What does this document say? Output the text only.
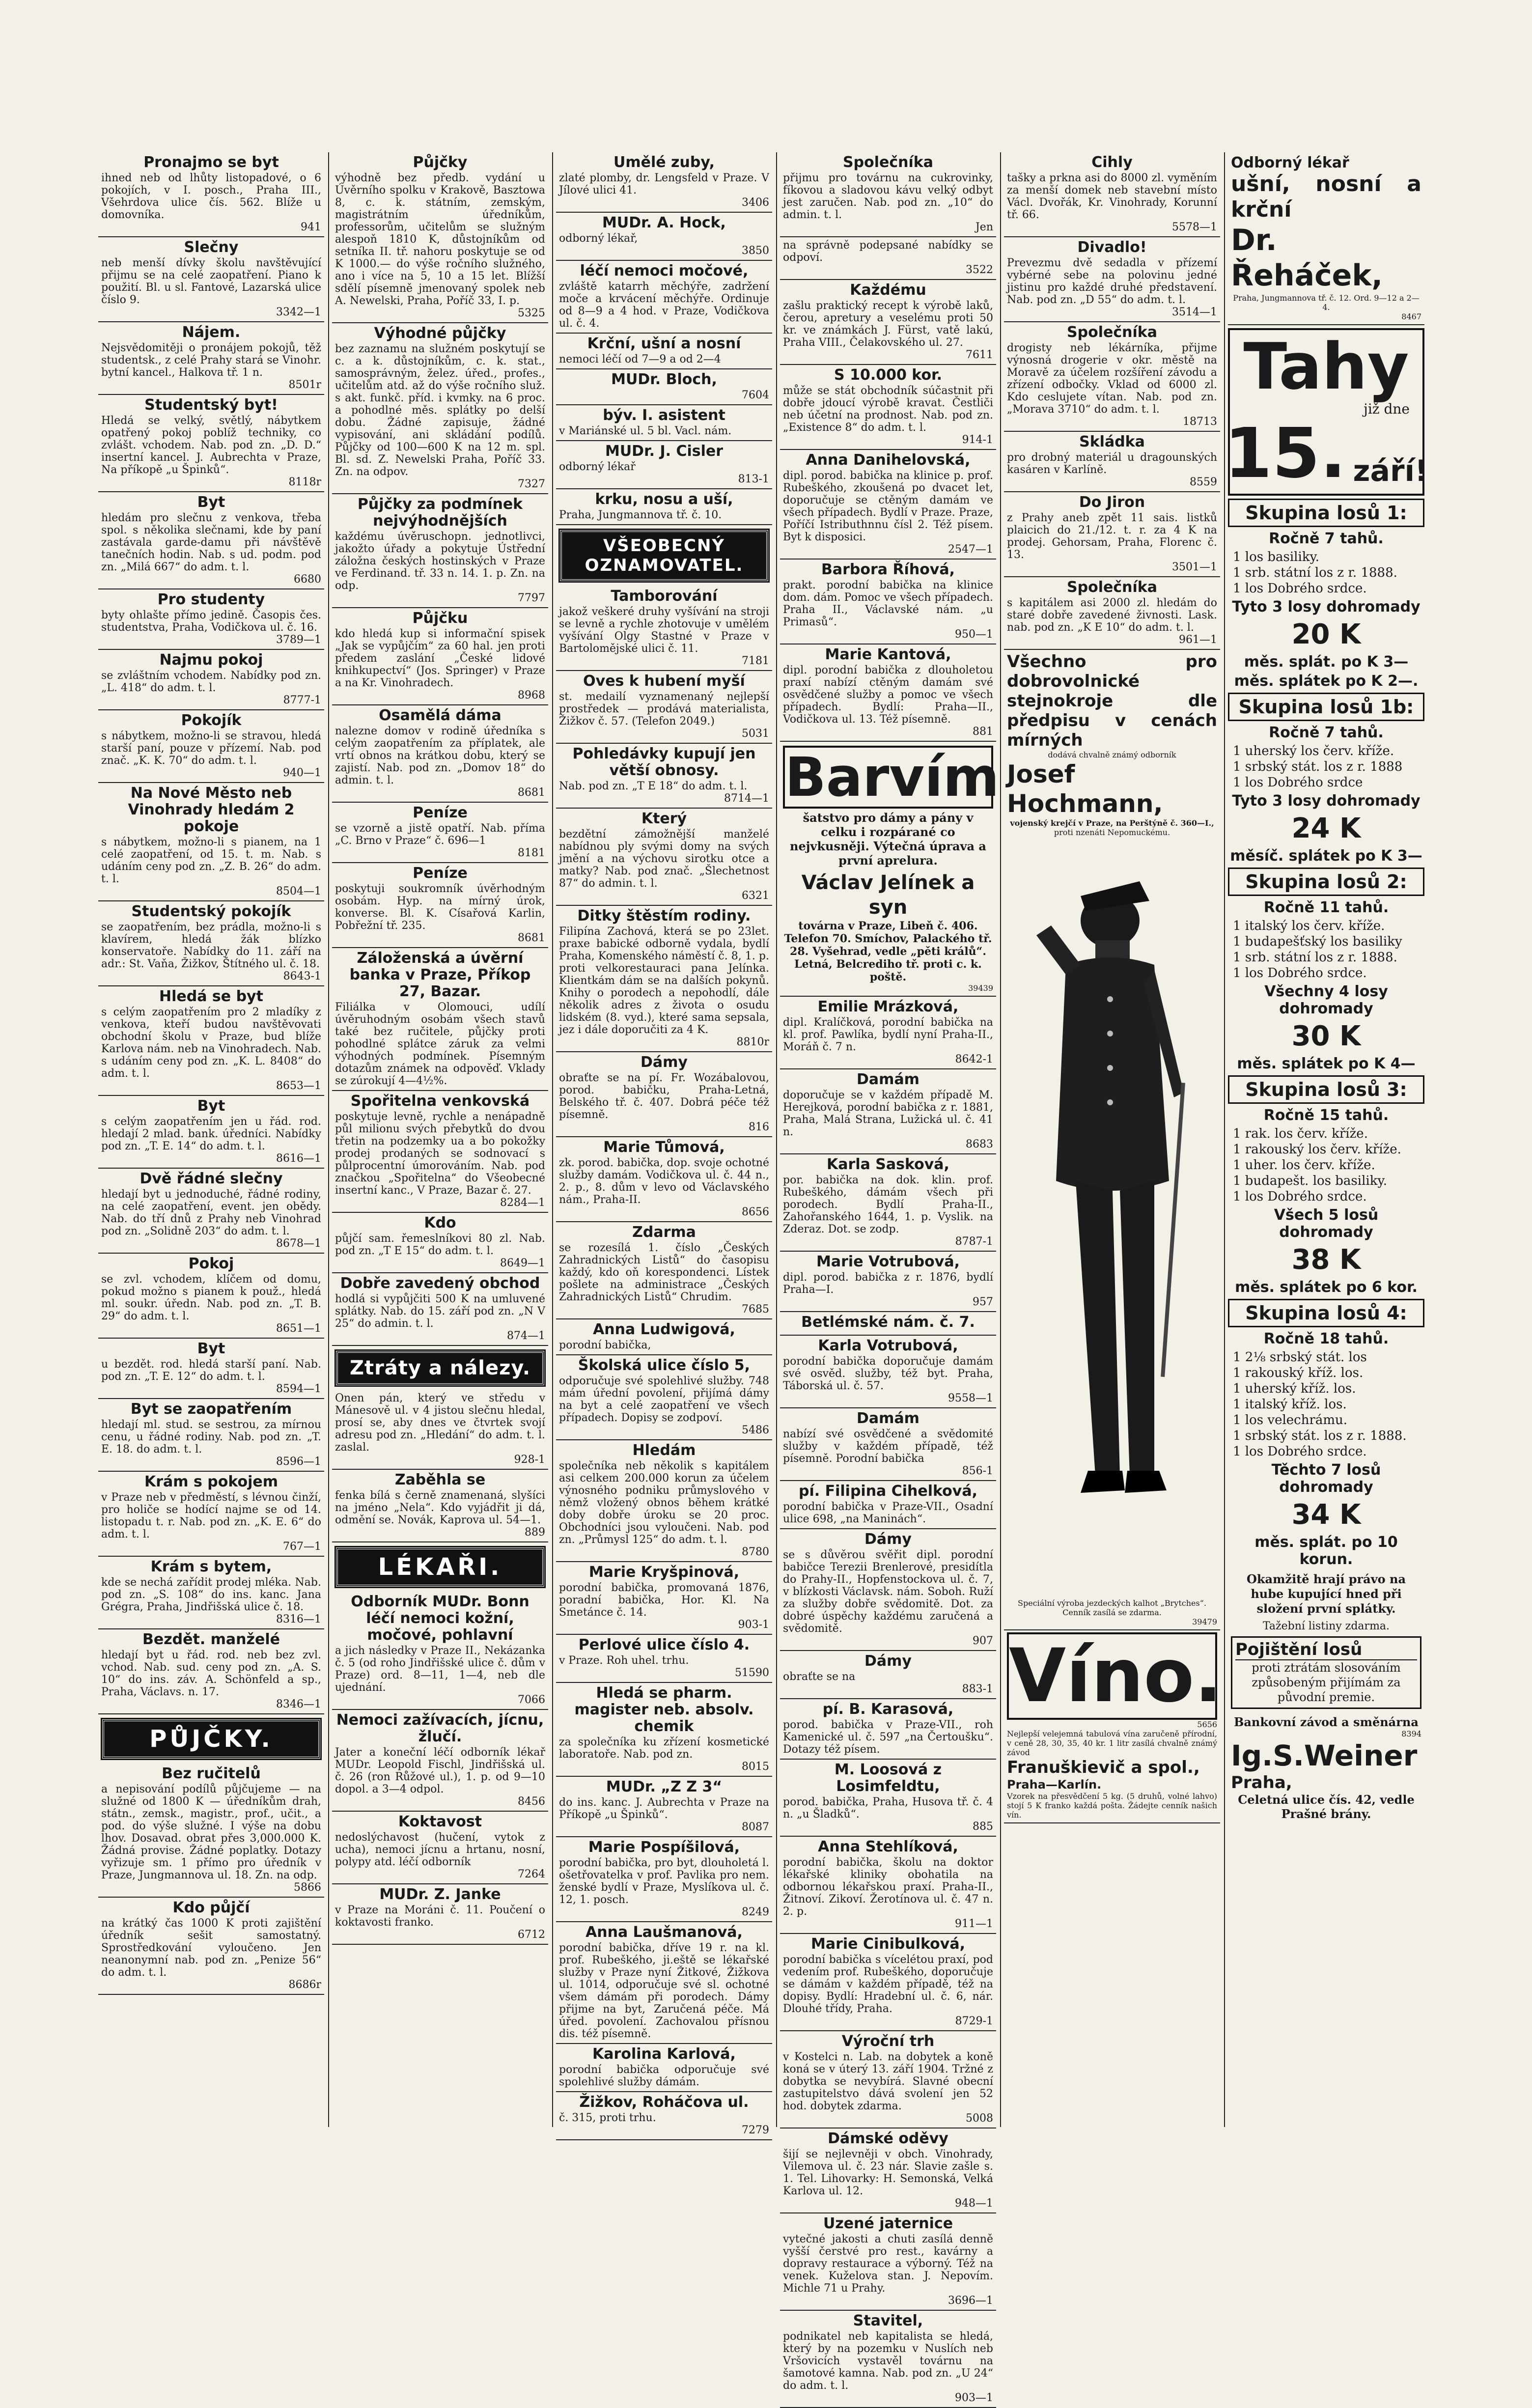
Pronajmo se byt

ihned neb od lhůty listopadové, o 6 pokojích, v I. posch., Praha III., Všehrdova ulice čís. 562. Blíže u domovníka.

941

Slečny

neb menší dívky školu navštěvující přijmu se na celé zaopatření. Piano k použití. Bl. u sl. Fantové, Lazarská ulice číslo 9.

3342—1

Nájem.

Nejsvědomitěji o pronájem pokojů, těž studentsk., z celé Prahy stará se Vinohr. bytní kancel., Halkova tř. 1 n.

8501r

Studentský byt!

Hledá se velký, světlý, nábytkem opatřený pokoj poblíž techniky, co zvlášt. vchodem. Nab. pod zn. „D. D.“ insertní kancel. J. Aubrechta v Praze, Na příkopě „u Špinků“.

8118r

Byt

hledám pro slečnu z venkova, třeba spol. s několika slečnami, kde by paní zastávala garde-damu při návštěvě tanečních hodin. Nab. s ud. podm. pod zn. „Milá 667“ do adm. t. l.

6680

Pro studenty

byty ohlašte přímo jedině. Časopis čes. studentstva, Praha, Vodičkova ul. č. 16.

3789—1

Najmu pokoj

se zvláštním vchodem. Nabídky pod zn. „L. 418“ do adm. t. l.

8777-1

Pokojík

s nábytkem, možno-li se stravou, hledá starší paní, pouze v přízemí. Nab. pod znač. „K. K. 70“ do adm. t. l.

940—1

Na Nové Město neb Vinohrady hledám 2 pokoje

s nábytkem, možno-li s pianem, na 1 celé zaopatření, od 15. t. m. Nab. s udáním ceny pod zn. „Z. B. 26“ do adm. t. l.

8504—1

Studentský pokojík

se zaopatřením, bez prádla, možno-li s klavírem, hledá žák blízko konservatoře. Nabídky do 11. září na adr.: St. Vaňa, Žižkov, Štítného ul. č. 18.

8643-1

Hledá se byt

s celým zaopatřením pro 2 mladíky z venkova, kteří budou navštěvovati obchodní školu v Praze, bud blíže Karlova nám. neb na Vinohradech. Nab. s udáním ceny pod zn. „K. L. 8408“ do adm. t. l.

8653—1

Byt

s celým zaopatřením jen u řád. rod. hledají 2 mlad. bank. úředníci. Nabídky pod zn. „T. E. 14“ do adm. t. l.

8616—1

Dvě řádné slečny

hledají byt u jednoduché, řádné rodiny, na celé zaopatření, event. jen obědy. Nab. do tří dnů z Prahy neb Vinohrad pod zn. „Solidně 203“ do adm. t. l.

8678—1

Pokoj

se zvl. vchodem, klíčem od domu, pokud možno s pianem k použ., hledá ml. soukr. úředn. Nab. pod zn. „T. B. 29“ do adm. t. l.

8651—1

Byt

u bezdět. rod. hledá starší paní. Nab. pod zn. „T. E. 12“ do adm. t. l.

8594—1

Byt se zaopatřením

hledají ml. stud. se sestrou, za mírnou cenu, u řádné rodiny. Nab. pod zn. „T. E. 18. do adm. t. l.

8596—1

Krám s pokojem

v Praze neb v předměstí, s lévnou činží, pro holiče se hodící najme se od 14. listopadu t. r. Nab. pod zn. „K. E. 6“ do adm. t. l.

767—1

Krám s bytem,

kde se nechá zařídit prodej mléka. Nab. pod zn. „S. 108“ do ins. kanc. Jana Grégra, Praha, Jindřišská ulice č. 18.

8316—1

Bezdět. manželé

hledají byt u řád. rod. neb bez zvl. vchod. Nab. sud. ceny pod zn. „A. S. 10“ do ins. záv. A. Schönfeld a sp., Praha, Václavs. n. 17.

8346—1

PŮJČKY.
Bez ručitelů

a nepisování podílů půjčujeme — na služné od 1800 K — úředníkům drah, státn., zemsk., magistr., prof., učit., a pod. do výše služné. I výše na dobu lhov. Dosavad. obrat přes 3,000.000 K. Žádná provise. Žádné poplatky. Dotazy vyřizuje sm. 1 přímo pro úředník v Praze, Jungmannova ul. 18. Zn. na odp.

5866

Kdo půjčí

na krátký čas 1000 K proti zajištění úředník sešit samostatný. Sprostředkování vyloučeno. Jen neanonymní nab. pod zn. „Penize 56“ do adm. t. l.

8686r

Půjčky

výhodně bez předb. vydání u Úvěrního spolku v Krakově, Basztowa 8, c. k. státním, zemským, magistrátním úředníkům, professorům, učitelům se služným alespoň 1810 K, důstojníkům od setníka II. tř. nahoru poskytuje se od K 1000.— do výše ročního služného, ano i více na 5, 10 a 15 let. Blížší sdělí písemně jmenovaný spolek neb A. Newelski, Praha, Poříč 33, I. p.

5325

Výhodné půjčky

bez zaznamu na služném poskytují se c. a k. důstojníkům, c. k. stat., samosprávným, želez. úřed., profes., učitelům atd. až do výše ročního služ. s akt. funkč. příd. i kvmky. na 6 proc. a pohodlné měs. splátky po delší dobu. Žádné zapisuje, žádné vypisování, ani skládání podílů. Půjčky od 100—600 K na 12 m. spl. Bl. sd. Z. Newelski Praha, Poříč 33. Zn. na odpov.

7327

Půjčky za podmínek nejvýhodnějších

každému úvěruschopn. jednotlivci, jakožto úřady a pokytuje Ústřední záložna českých hostinských v Praze ve Ferdinand. tř. 33 n. 14. 1. p. Zn. na odp.

7797

Půjčku

kdo hledá kup si informační spisek „Jak se vypůjčím“ za 60 hal. jen proti předem zaslání „České lidové knihkupectví“ (Jos. Springer) v Praze a na Kr. Vinohradech.

8968

Osamělá dáma

nalezne domov v rodině úředníka s celým zaopatřením za příplatek, ale vrtí obnos na krátkou dobu, který se zajistí. Nab. pod zn. „Domov 18“ do admin. t. l.

8681

Peníze

se vzorně a jistě opatří. Nab. příma „C. Brno v Praze“ č. 696—1

8181

Peníze

poskytuji soukromník úvěrhodným osobám. Hyp. na mírný úrok, konverse. Bl. K. Císařová Karlin, Pobřežní tř. 235.

8681

Záloženská a úvěrní banka v Praze, Příkop 27, Bazar.

Filiálka v Olomouci, udílí úvěruhodným osobám všech stavů také bez ručitele, půjčky proti pohodlné splátce záruk za velmi výhodných podmínek. Písemným dotazům známek na odpověď. Vklady se zúrokují 4—4½%.

Spořitelna venkovská

poskytuje levně, rychle a nenápadně půl milionu svých přebytků do dvou třetin na podzemky ua a bo pokožky prodej prodaných se sodnovací s půlprocentní úmorováním. Nab. pod značkou „Spořitelna“ do Všeobecné insertní kanc., V Praze, Bazar č. 27.

8284—1

Kdo

půjčí sam. řemeslníkovi 80 zl. Nab. pod zn. „T E 15“ do adm. t. l.

8649—1

Dobře zavedený obchod

hodlá si vypůjčiti 500 K na umluvené splátky. Nab. do 15. září pod zn. „N V 25“ do admin. t. l.

874—1

Ztráty a nálezy.

Onen pán, který ve středu v Mánesově ul. v 4 jistou slečnu hledal, prosí se, aby dnes ve čtvrtek svojí adresu pod zn. „Hledání“ do adm. t. l. zaslal.

928-1

Zaběhla se

fenka bílá s černě znamenaná, slyšíci na jméno „Nela“. Kdo vyjádřit ji dá, odmění se. Novák, Kaprova ul. 54—1.

889

LÉKAŘI.
Odborník MUDr. Bonn léčí nemoci kožní, močové, pohlavní

a jich následky v Praze II., Nekázanka č. 5 (od roho Jindřišské ulice č. dům v Praze) ord. 8—11, 1—4, neb dle ujednání.

7066

Nemoci zažívacích, jícnu, žlučí.

Jater a koneční léčí odborník lékař MUDr. Leopold Fischl, Jindřišská ul. č. 26 (ron Růžové ul.), 1. p. od 9—10 dopol. a 3—4 odpol.

8456

Koktavost

nedoslýchavost (hučení, vytok z ucha), nemoci jícnu a hrtanu, nosní, polypy atd. léčí odborník

7264

MUDr. Z. Janke

v Praze na Moráni č. 11. Poučení o koktavosti franko.

6712

Umělé zuby,

zlaté plomby, dr. Lengsfeld v Praze. V Jílové ulici 41.

3406

MUDr. A. Hock,

odborný lékař,

3850

léčí nemoci močové,

zvláště katarrh měchýře, zadržení moče a krvácení měchýře. Ordinuje od 8—9 a 4 hod. v Praze, Vodičkova ul. č. 4.

Krční, ušní a nosní

nemoci léčí od 7—9 a od 2—4

MUDr. Bloch,

7604

býv. I. asistent

v Mariánské ul. 5 bl. Vacl. nám.

MUDr. J. Cisler

odborný lékař

813-1

krku, nosu a uší,

Praha, Jungmannova tř. č. 10.

VŠEOBECNÝ OZNAMOVATEL.
Tamborování

jakož veškeré druhy vyšívání na stroji se levně a rychle zhotovuje v umělém vyšívání Olgy Stastné v Praze v Bartolomějské ulici č. 11.

7181

Oves k hubení myší

st. medailí vyznamenaný nejlepší prostředek — prodává materialista, Žižkov č. 57. (Telefon 2049.)

5031

Pohledávky kupují jen větší obnosy.

Nab. pod zn. „T E 18“ do adm. t. l.

8714—1

Který

bezdětní zámožnější manželé nabídnou ply svými domy na svých jmění a na výchovu sirotku otce a matky? Nab. pod znač. „Šlechetnost 87“ do admin. t. l.

6321

Ditky štěstím rodiny.

Filipína Zachová, která se po 23let. praxe babické odborně vydala, bydlí Praha, Komenského náměstí č. 8, 1. p. proti velkorestauraci pana Jelínka. Klientkám dám se na dalších pokynů. Knihy o porodech a nepohodlí, dále několik adres z života o osudu lidském (8. vyd.), které sama sepsala, jez i dále doporučiti za 4 K.

8810r

Dámy

obraťte se na pí. Fr. Wozábalovou, porod. babičku, Praha-Letná, Belského tř. č. 407. Dobrá péče též písemně.

816

Marie Tůmová,

zk. porod. babička, dop. svoje ochotné služby damám. Vodičkova ul. č. 44 n., 2. p., 8. dům v levo od Václavského nám., Praha-II.

8656

Zdarma

se rozesílá 1. číslo „Českých Zahradnických Listů“ do časopisu každý, kdo oň korespondenci. Lístek pošlete na administrace „Českých Zahradnických Listů“ Chrudim.

7685

Anna Ludwigová,

porodní babička,

Školská ulice číslo 5,

odporučuje své spolehlivé služby. 748 mám úřední povolení, přijímá dámy na byt a celé zaopatření ve všech případech. Dopisy se zodpoví.

5486

Hledám

společníka neb několik s kapitálem asi celkem 200.000 korun za účelem výnosného podniku průmyslového v němž vložený obnos během krátké doby dobře úroku se 20 proc. Obchodníci jsou vyloučeni. Nab. pod zn. „Průmysl 125“ do adm. t. l.

8780

Marie Kryšpinová,

porodní babička, promovaná 1876, poradní babička, Hor. Kl. Na Smetánce č. 14.

903-1

Perlové ulice číslo 4.

v Praze. Roh uhel. trhu.

51590

Hledá se pharm. magister neb. absolv. chemik

za společníka ku zřízení kosmetické laboratoře. Nab. pod zn.

8015

MUDr. „Z Z 3“

do ins. kanc. J. Aubrechta v Praze na Příkopě „u Špinků“.

8087

Marie Pospíšilová,

porodní babička, pro byt, dlouholetá l. ošetřovatelka v prof. Pavlika pro nem. ženské bydlí v Praze, Myslíkova ul. č. 12, 1. posch.

8249

Anna Laušmanová,

porodní babička, dříve 19 r. na kl. prof. Rubeškého, ji.eště se lékařské služby v Praze nyní Žitkové, Žižkova ul. 1014, odporučuje své sl. ochotné všem dámám při porodech. Dámy přijme na byt, Zaručená péče. Má úřed. povolení. Zachovalou přísnou dis. též písemně.

Karolina Karlová,

porodní babička odporučuje své spolehlivé služby dámám.

Žižkov, Roháčova ul.

č. 315, proti trhu.

7279

Společníka

přijmu pro továrnu na cukrovinky, fíkovou a sladovou kávu velký odbyt jest zaručen. Nab. pod zn. „10“ do admin. t. l.

Jen

na správně podepsané nabídky se odpoví.

3522

Každému

zašlu praktický recept k výrobě laků, čerou, apretury a veselému proti 50 kr. ve známkách J. Fürst, vatě lakú, Praha VIII., Čelakovského ul. 27.

7611

S 10.000 kor.

může se stát obchodník súčastnit při dobře jdoucí výrobě kravat. Čestliči neb účetní na prodnost. Nab. pod zn. „Existence 8“ do adm. t. l.

914-1

Anna Danihelovská,

dipl. porod. babička na klinice p. prof. Rubeškého, zkoušená po dvacet let, doporučuje se ctěným damám ve všech případech. Bydlí v Praze. Praze, Poříčí Istributhnnu čísl 2. Též písem. Byt k disposici.

2547—1

Barbora Říhová,

prakt. porodní babička na klinice dom. dám. Pomoc ve všech případech. Praha II., Václavské nám. „u Primasů“.

950—1

Marie Kantová,

dipl. porodní babička z dlouholetou praxí nabízí ctěným damám své osvědčené služby a pomoc ve všech případech. Bydlí: Praha—II., Vodičkova ul. 13. Též písemně.

881

Barvím

šatstvo pro dámy a pány v celku i rozpárané co nejvkusněji. Výtečná úprava a první aprelura.

Václav Jelínek a syn

továrna v Praze, Libeň č. 406. Telefon 70. Smíchov, Palackého tř. 28. Vyšehrad, vedle „pěti králů“. Letná, Belcrediho tř. proti c. k. poště.

39439

Emilie Mrázková,

dipl. Kralíčková, porodní babička na kl. prof. Pawlíka, bydlí nyní Praha-II., Moráň č. 7 n.

8642-1

Damám

doporučuje se v každém případě M. Herejková, porodní babička z r. 1881, Praha, Malá Strana, Lužická ul. č. 41 n.

8683

Karla Sasková,

por. babička na dok. klin. prof. Rubeškého, dámám všech při porodech. Bydlí Praha-II., Zahořanského 1644, 1. p. Vyslik. na Zderaz. Dot. se zodp.

8787-1

Marie Votrubová,

dipl. porod. babička z r. 1876, bydlí Praha—I.

957

Betlémské nám. č. 7.

Karla Votrubová,

porodní babička doporučuje damám své osvěd. služby, též byt. Praha, Táborská ul. č. 57.

9558—1

Damám

nabízí své osvědčené a svědomité služby v každém případě, též písemně. Porodní babička

856-1

pí. Filipina Cihelková,

porodní babička v Praze-VII., Osadní ulice 698, „na Maninách“.

Dámy

se s důvěrou svěřit dipl. porodní babičce Terezii Brenlerové, presidítla do Prahy-II., Hopfenstockova ul. č. 7, v blízkosti Václavsk. nám. Soboh. Ruží za služby dobře svědomitě. Dot. za dobré úspěchy každému zaručená a svědomitě.

907

Dámy

obraťte se na

883-1

pí. B. Karasová,

porod. babička v Praze-VII., roh Kamenické ul. č. 597 „na Čertoušku“. Dotazy též písem.

M. Loosová z Losimfeldtu,

porod. babička, Praha, Husova tř. č. 4 n. „u Šladků“.

885

Anna Stehlíková,

porodní babička, školu na doktor lékařské kliniky obohatila na odbornou lékařskou praxí. Praha-II., Žitnoví. Zikoví. Žerotínova ul. č. 47 n. 2. p.

911—1

Marie Cinibulková,

porodní babička s vícelétou praxí, pod vedením prof. Rubeškého, doporučuje se dámám v každém případě, též na dopisy. Bydlí: Hradební ul. č. 6, nár. Dlouhé třídy, Praha.

8729-1

Výroční trh

v Kostelci n. Lab. na dobytek a koně koná se v úterý 13. září 1904. Tržné z dobytka se nevybírá. Slavné obecní zastupitelstvo dává svolení jen 52 hod. dobytek zdarma.

5008

Dámské oděvy

šijí se nejlevněji v obch. Vinohrady, Vilemova ul. č. 23 nár. Slavie zašle s. 1. Tel. Lihovarky: H. Semonská, Velká Karlova ul. 12.

948—1

Uzené jaternice

vytečné jakosti a chuti zasílá denně vyšší čerstvé pro rest., kavárny a dopravy restaurace a výborný. Též na venek. Kuželova stan. J. Nepovím. Michle 71 u Prahy.

3696—1

Stavitel,

podnikatel neb kapitalista se hledá, který by na pozemku v Nuslích neb Vršovicích vystavěl továrnu na šamotové kamna. Nab. pod zn. „U 24“ do adm. t. l.

903—1

Cihly

tašky a prkna asi do 8000 zl. vyměním za menší domek neb stavební místo Václ. Dvořák, Kr. Vinohrady, Korunní tř. 66.

5578—1

Divadlo!

Prevezmu dvě sedadla v přízemí vybérné sebe na polovinu jedné jistinu pro každé druhé představení. Nab. pod zn. „D 55“ do adm. t. l.

3514—1

Společníka

drogisty neb lékárníka, přijme výnosná drogerie v okr. městě na Moravě za účelem rozšíření závodu a zřízení odbočky. Vklad od 6000 zl. Kdo ceslujete vítan. Nab. pod zn. „Morava 3710“ do adm. t. l.

18713

Skládka

pro drobný materiál u dragounských kasáren v Karlíně.

8559

Do Jiron

z Prahy aneb zpět 11 sais. listků plaicich do 21./12. t. r. za 4 K na prodej. Gehorsam, Praha, Florenc č. 13.

3501—1

Společníka

s kapitálem asi 2000 zl. hledám do staré dobře zavedené živnosti. Lask. nab. pod zn. „K E 10“ do adm. t. l.

961—1

Všechno pro dobrovolnické stejnokroje dle předpisu v cenách mírných

dodává chvalně známý odborník

Josef Hochmann,

vojenský krejčí v Praze, na Perštýně č. 360—I.,

proti nzenáti Nepomuckému.

Speciální výroba jezdeckých kalhot „Brytches“. Cenník zasílá se zdarma.

39479

Víno.

5656

Nejlepší velejemná tabulová vína zaručeně přírodní, v ceně 28, 30, 35, 40 kr. 1 litr zasílá chvalně známý závod

Franuškievič a spol.,

Praha—Karlín.

Vzorek na přesvědčení 5 kg. (5 druhů, volné lahvo) stojí 5 K franko každá pošta. Žádejte cenník našich vín.

Odborný lékař

ušní, nosní a krční

Dr. Řeháček,

Praha, Jungmannova tř. č. 12. Ord. 9—12 a 2—4.

8467

Tahy

již dne

15. září!
Skupina losů 1:
Ročně 7 tahů.
1 los basiliky.
1 srb. státní los z r. 1888.
1 los Dobrého srdce.
Tyto 3 losy dohromady
20 K
měs. splát. po K 3—
měs. splátek po K 2—.
Skupina losů 1b:
Ročně 7 tahů.
1 uherský los červ. kříže.
1 srbský stát. los z r. 1888
1 los Dobrého srdce
Tyto 3 losy dohromady
24 K
měsíč. splátek po K 3—
Skupina losů 2:
Ročně 11 tahů.
1 italský los červ. kříže.
1 budapešťský los basiliky
1 srb. státní los z r. 1888.
1 los Dobrého srdce.
Všechny 4 losy dohromady
30 K
měs. splátek po K 4—
Skupina losů 3:
Ročně 15 tahů.
1 rak. los červ. kříže.
1 rakouský los červ. kříže.
1 uher. los červ. kříže.
1 budapešt. los basiliky.
1 los Dobrého srdce.
Všech 5 losů dohromady
38 K
měs. splátek po 6 kor.
Skupina losů 4:
Ročně 18 tahů.
1 2⅛ srbský stát. los
1 rakouský kříž. los.
1 uherský kříž. los.
1 italský kříž. los.
1 los velechrámu.
1 srbský stát. los z r. 1888.
1 los Dobrého srdce.
Těchto 7 losů dohromady
34 K
měs. splát. po 10 korun.

Okamžitě hrají právo na hube kupující hned při složení první splátky.

Tažební listiny zdarma.

Pojištění losů

proti ztrátám slosováním způsobeným přijímám za původní premie.

Bankovní závod a směnárna

8394

Ig.S.Weiner

Praha,

Celetná ulice čís. 42, vedle Prašné brány.
